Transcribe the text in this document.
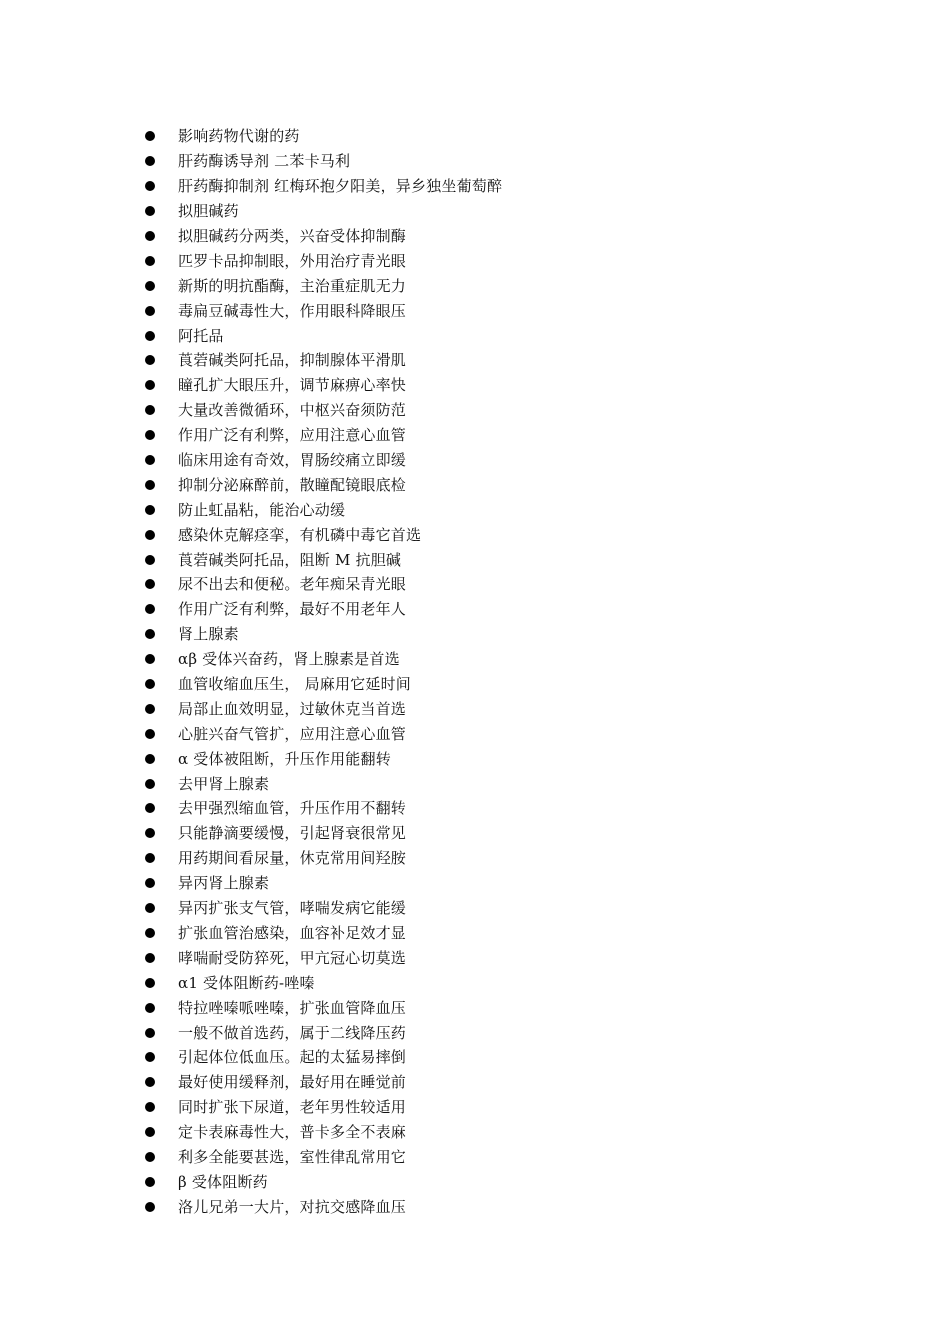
影响药物代谢的药
肝药酶诱导剂 二苯卡马利
肝药酶抑制剂 红梅环抱夕阳美，异乡独坐葡萄醉
拟胆碱药
拟胆碱药分两类，兴奋受体抑制酶
匹罗卡品抑制眼，外用治疗青光眼
新斯的明抗酯酶，主治重症肌无力
毒扁豆碱毒性大，作用眼科降眼压
阿托品
莨菪碱类阿托品，抑制腺体平滑肌
瞳孔扩大眼压升，调节麻痹心率快
大量改善微循环，中枢兴奋须防范
作用广泛有利弊，应用注意心血管
临床用途有奇效，胃肠绞痛立即缓
抑制分泌麻醉前，散瞳配镜眼底检
防止虹晶粘，能治心动缓
感染休克解痉挛，有机磷中毒它首选
莨菪碱类阿托品，阻断 M 抗胆碱
尿不出去和便秘。老年痴呆青光眼
作用广泛有利弊，最好不用老年人
肾上腺素
αβ 受体兴奋药，肾上腺素是首选
血管收缩血压生， 局麻用它延时间
局部止血效明显，过敏休克当首选
心脏兴奋气管扩，应用注意心血管
α 受体被阻断，升压作用能翻转
去甲肾上腺素
去甲强烈缩血管，升压作用不翻转
只能静滴要缓慢，引起肾衰很常见
用药期间看尿量，休克常用间羟胺
异丙肾上腺素
异丙扩张支气管，哮喘发病它能缓
扩张血管治感染，血容补足效才显
哮喘耐受防猝死，甲亢冠心切莫选
α1 受体阻断药-唑嗪
特拉唑嗪哌唑嗪，扩张血管降血压
一般不做首选药，属于二线降压药
引起体位低血压。起的太猛易摔倒
最好使用缓释剂，最好用在睡觉前
同时扩张下尿道，老年男性较适用
定卡表麻毒性大，普卡多全不表麻
利多全能要甚选，室性律乱常用它
β 受体阻断药
洛儿兄弟一大片，对抗交感降血压
